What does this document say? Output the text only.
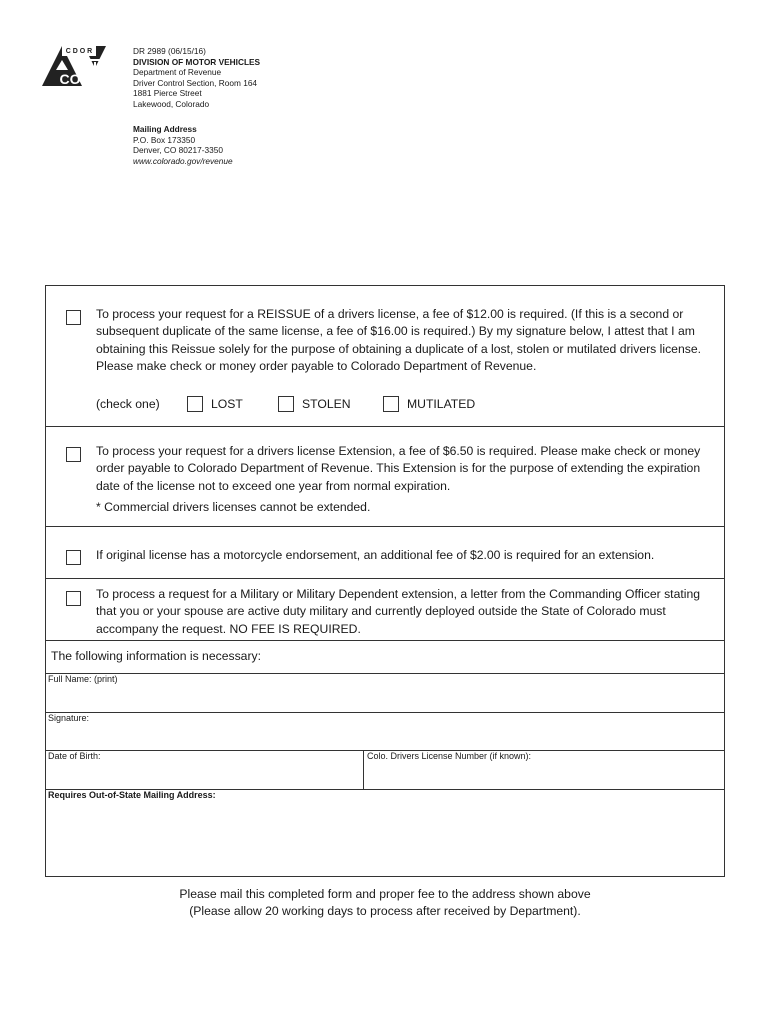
C D O R
CO
DR 2989 (06/15/16)
DIVISION OF MOTOR VEHICLES
Department of Revenue
Driver Control Section, Room 164
1881 Pierce Street
Lakewood, Colorado
Mailing Address
P.O. Box 173350
Denver, CO 80217-3350
www.colorado.gov/revenue
To process your request for a REISSUE of a drivers license, a fee of $12.00 is required. (If this is a second or subsequent duplicate of the same license, a fee of $16.00 is required.) By my signature below, I attest that I am obtaining this Reissue solely for the purpose of obtaining a duplicate of a lost, stolen or mutilated drivers license. Please make check or money order payable to Colorado Department of Revenue.
(check one)	LOST	STOLEN	MUTILATED
To process your request for a drivers license Extension, a fee of $6.50 is required. Please make check or money order payable to Colorado Department of Revenue. This Extension is for the purpose of extending the expiration date of the license not to exceed one year from normal expiration.
* Commercial drivers licenses cannot be extended.
If original license has a motorcycle endorsement, an additional fee of $2.00 is required for an extension.
To process a request for a Military or Military Dependent extension, a letter from the Commanding Officer stating that you or your spouse are active duty military and currently deployed outside the State of Colorado must accompany the request. NO FEE IS REQUIRED.
The following information is necessary:
Full Name: (print)
Signature:
Date of Birth:	Colo. Drivers License Number (if known):
Requires Out-of-State Mailing Address:
Please mail this completed form and proper fee to the address shown above
(Please allow 20 working days to process after received by Department).
